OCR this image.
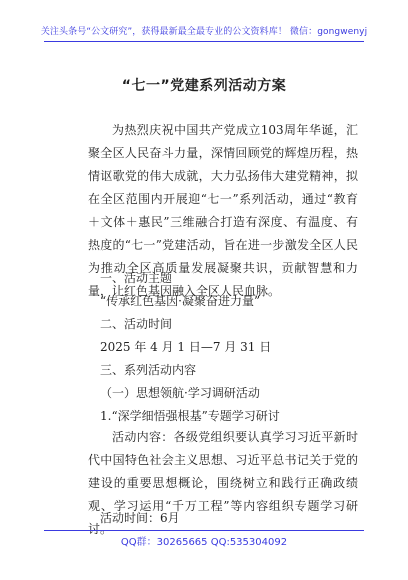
关注头条号“公文研究”，获得最新最全最专业的公文资料库！ 微信：gongwenyj
“七一”党建系列活动方案

为热烈庆祝中国共产党成立103周年华诞，汇聚全区人民奋斗力量，深情回顾党的辉煌历程，热情讴歌党的伟大成就，大力弘扬伟大建党精神，拟在全区范围内开展迎“七一”系列活动，通过“教育＋文体＋惠民”三维融合打造有深度、有温度、有热度的“七一”党建活动，旨在进一步激发全区人民为推动全区高质量发展凝聚共识，贡献智慧和力量，让红色基因融入全区人民血脉。

一、活动主题
“传承红色基因·凝聚奋进力量”
二、活动时间
2025 年 4 月 1 日—7 月 31 日
三、系列活动内容
（一）思想领航·学习调研活动
1.“深学细悟强根基”专题学习研讨

活动内容：各级党组织要认真学习习近平新时代中国特色社会主义思想、习近平总书记关于党的建设的重要思想概论，围绕树立和践行正确政绩观、学习运用“千万工程”等内容组织专题学习研讨。

活动时间：6月
QQ群：30265665 QQ:535304092
